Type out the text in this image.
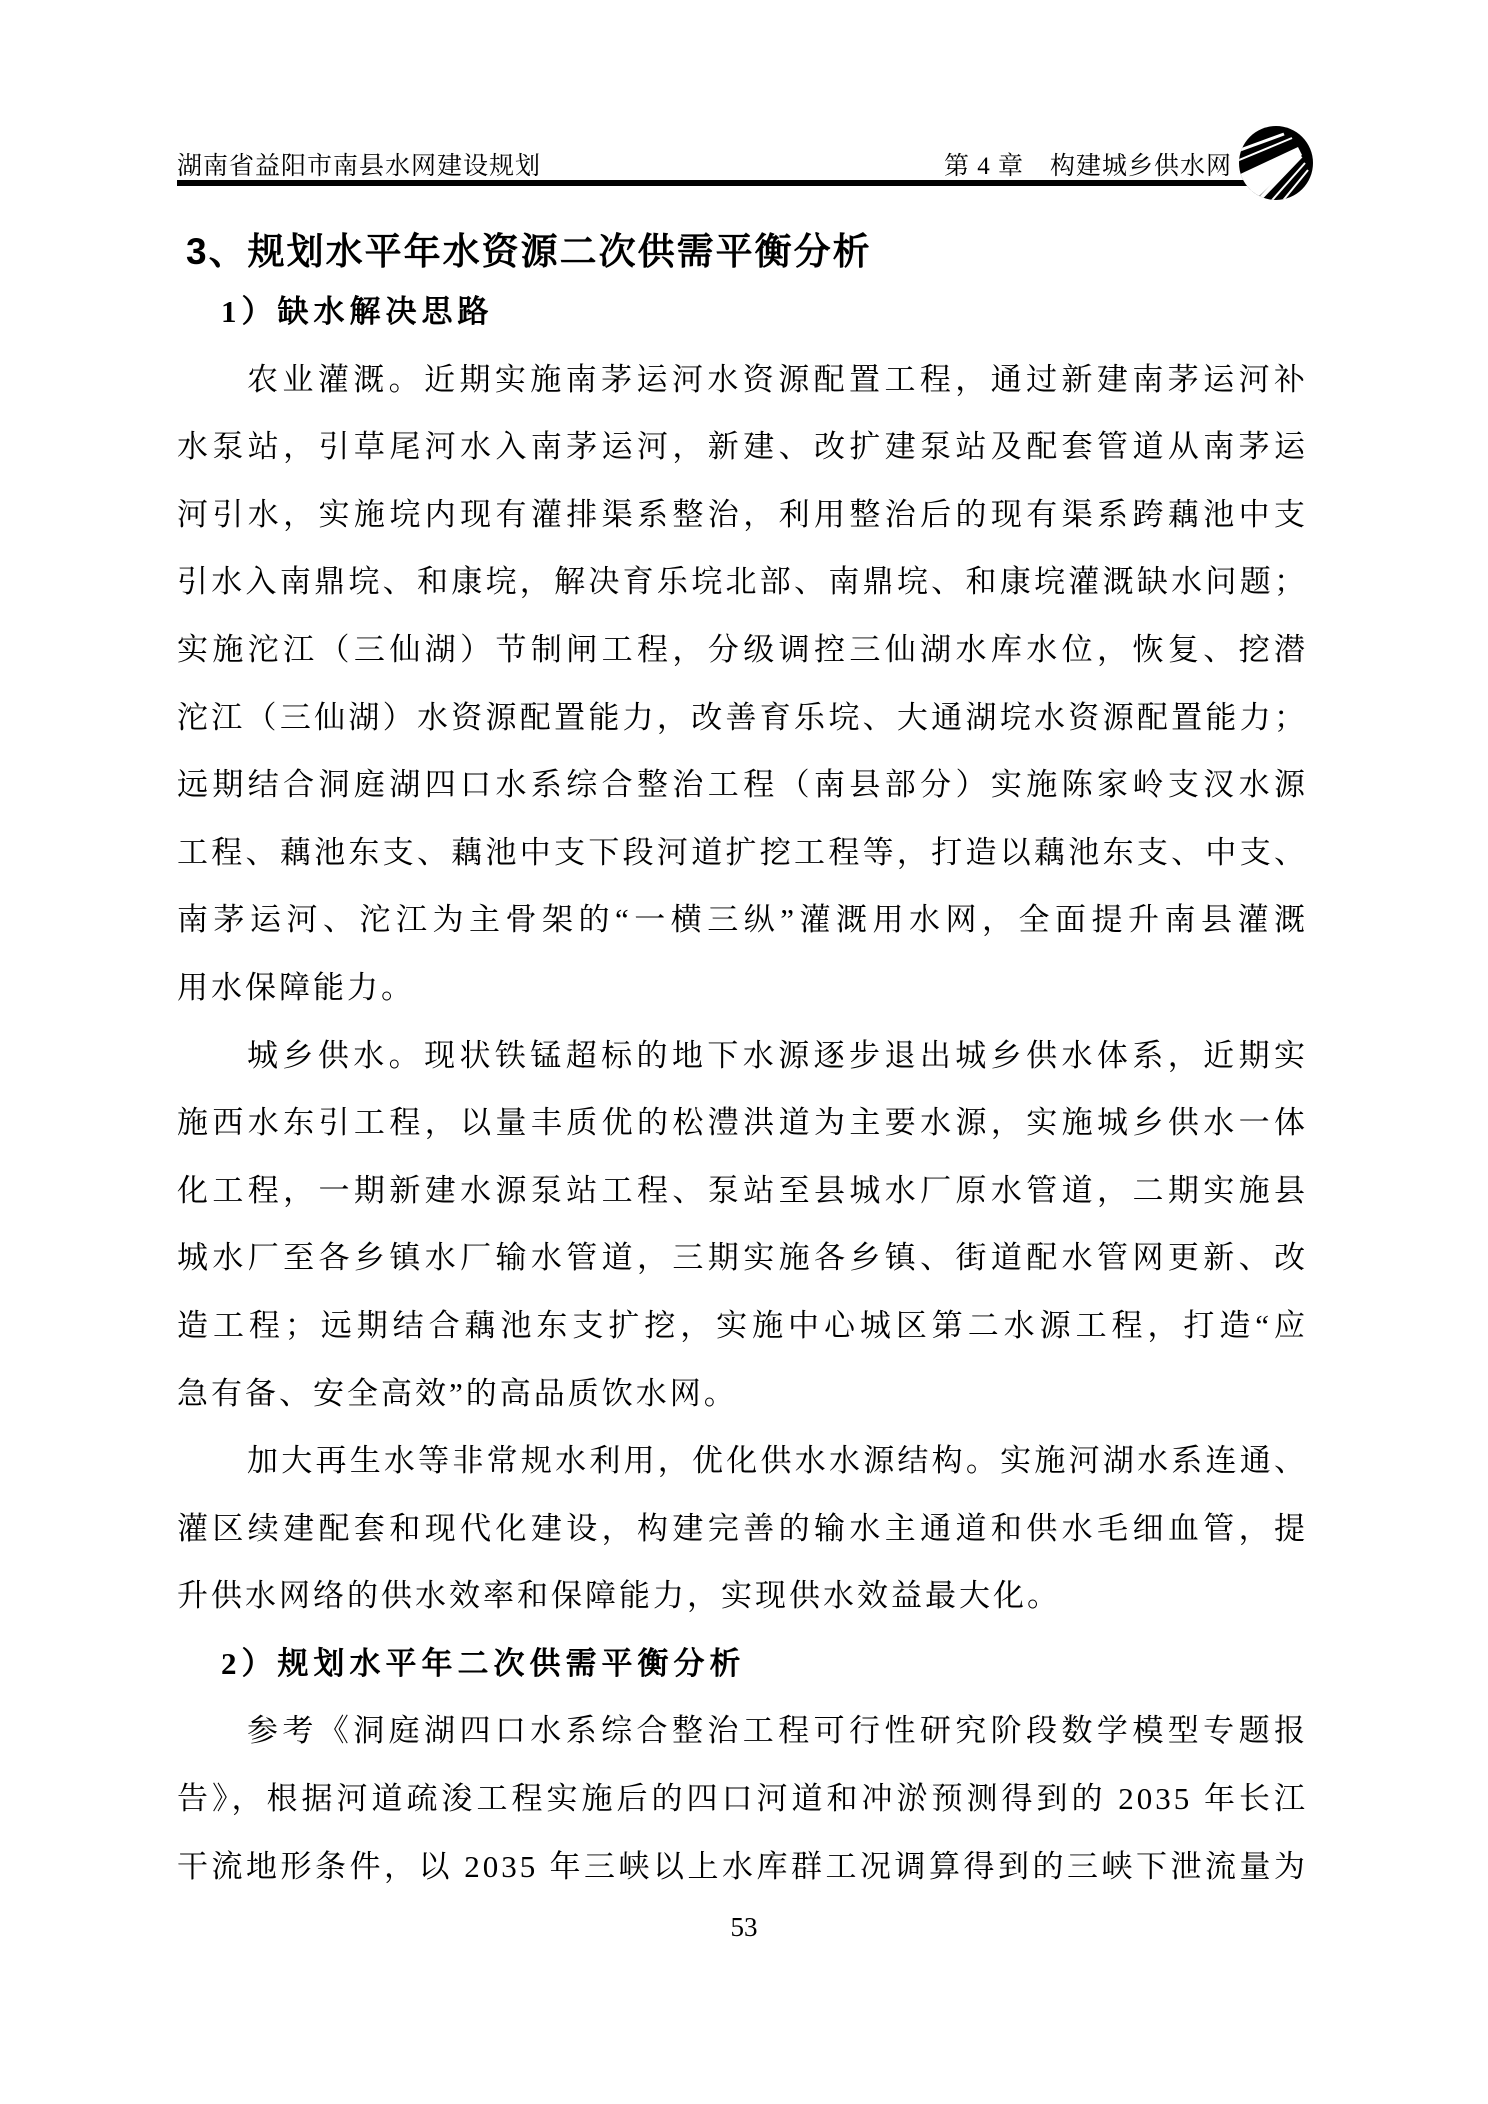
湖南省益阳市南县水网建设规划	第 4 章　构建城乡供水网
3、规划水平年水资源二次供需平衡分析
1）缺水解决思路
农业灌溉。近期实施南茅运河水资源配置工程，通过新建南茅运河补
水泵站，引草尾河水入南茅运河，新建、改扩建泵站及配套管道从南茅运
河引水，实施垸内现有灌排渠系整治，利用整治后的现有渠系跨藕池中支
引水入南鼎垸、和康垸，解决育乐垸北部、南鼎垸、和康垸灌溉缺水问题；
实施沱江（三仙湖）节制闸工程，分级调控三仙湖水库水位，恢复、挖潜
沱江（三仙湖）水资源配置能力，改善育乐垸、大通湖垸水资源配置能力；
远期结合洞庭湖四口水系综合整治工程（南县部分）实施陈家岭支汊水源
工程、藕池东支、藕池中支下段河道扩挖工程等，打造以藕池东支、中支、
南茅运河、沱江为主骨架的“一横三纵”灌溉用水网，全面提升南县灌溉
用水保障能力。
城乡供水。现状铁锰超标的地下水源逐步退出城乡供水体系，近期实
施西水东引工程，以量丰质优的松澧洪道为主要水源，实施城乡供水一体
化工程，一期新建水源泵站工程、泵站至县城水厂原水管道，二期实施县
城水厂至各乡镇水厂输水管道，三期实施各乡镇、街道配水管网更新、改
造工程；远期结合藕池东支扩挖，实施中心城区第二水源工程，打造“应
急有备、安全高效”的高品质饮水网。
加大再生水等非常规水利用，优化供水水源结构。实施河湖水系连通、
灌区续建配套和现代化建设，构建完善的输水主通道和供水毛细血管，提
升供水网络的供水效率和保障能力，实现供水效益最大化。
2）规划水平年二次供需平衡分析
参考《洞庭湖四口水系综合整治工程可行性研究阶段数学模型专题报
告》，根据河道疏浚工程实施后的四口河道和冲淤预测得到的 2035 年长江
干流地形条件，以 2035 年三峡以上水库群工况调算得到的三峡下泄流量为
53
